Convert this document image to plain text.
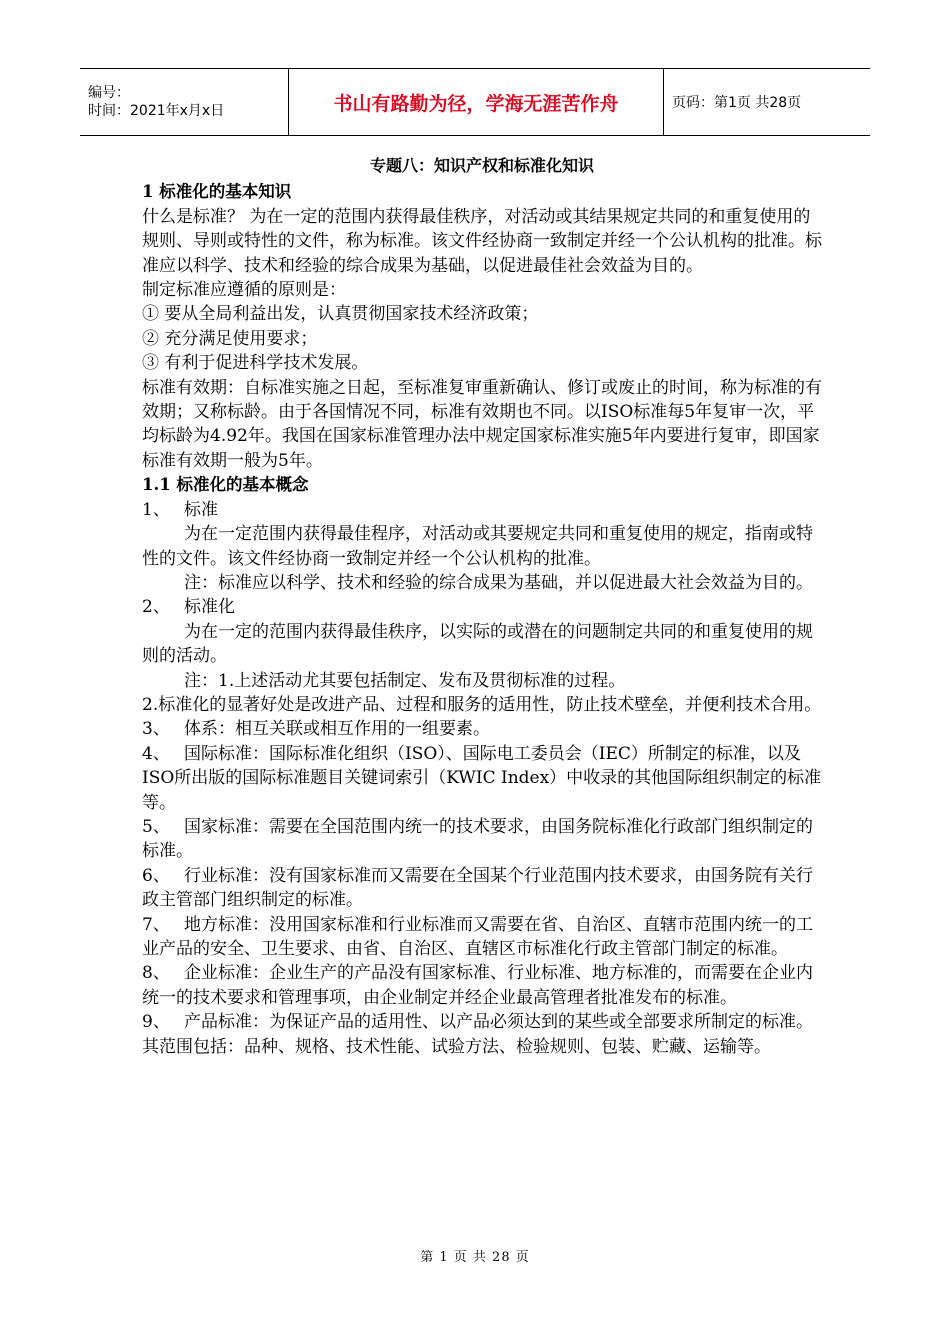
编号：
时间：2021年x月x日	书山有路勤为径，学海无涯苦作舟	页码：第1页 共28页

专题八：知识产权和标准化知识

1 标准化的基本知识

什么是标准？ 为在一定的范围内获得最佳秩序，对活动或其结果规定共同的和重复使用的规则、导则或特性的文件，称为标准。该文件经协商一致制定并经一个公认机构的批准。标准应以科学、技术和经验的综合成果为基础，以促进最佳社会效益为目的。

制定标准应遵循的原则是：

① 要从全局利益出发，认真贯彻国家技术经济政策；

② 充分满足使用要求；

③ 有利于促进科学技术发展。

标准有效期：自标准实施之日起，至标准复审重新确认、修订或废止的时间，称为标准的有效期；又称标龄。由于各国情况不同，标准有效期也不同。以ISO标准每5年复审一次，平均标龄为4.92年。我国在国家标准管理办法中规定国家标准实施5年内要进行复审，即国家标准有效期一般为5年。

1.1 标准化的基本概念

1、 标准

为在一定范围内获得最佳程序，对活动或其要规定共同和重复使用的规定，指南或特性的文件。该文件经协商一致制定并经一个公认机构的批准。

注：标准应以科学、技术和经验的综合成果为基础，并以促进最大社会效益为目的。

2、 标准化

为在一定的范围内获得最佳秩序，以实际的或潜在的问题制定共同的和重复使用的规则的活动。

注：1.上述活动尤其要包括制定、发布及贯彻标准的过程。

2.标准化的显著好处是改进产品、过程和服务的适用性，防止技术壁垒，并便利技术合用。

3、 体系：相互关联或相互作用的一组要素。

4、 国际标准：国际标准化组织（ISO）、国际电工委员会（IEC）所制定的标准，以及ISO所出版的国际标准题目关键词索引（KWIC Index）中收录的其他国际组织制定的标准等。

5、 国家标准：需要在全国范围内统一的技术要求，由国务院标准化行政部门组织制定的标准。

6、 行业标准：没有国家标准而又需要在全国某个行业范围内技术要求，由国务院有关行政主管部门组织制定的标准。

7、 地方标准：没用国家标准和行业标准而又需要在省、自治区、直辖市范围内统一的工业产品的安全、卫生要求、由省、自治区、直辖区市标准化行政主管部门制定的标准。

8、 企业标准：企业生产的产品没有国家标准、行业标准、地方标准的，而需要在企业内统一的技术要求和管理事项，由企业制定并经企业最高管理者批准发布的标准。

9、 产品标准：为保证产品的适用性、以产品必须达到的某些或全部要求所制定的标准。其范围包括：品种、规格、技术性能、试验方法、检验规则、包装、贮藏、运输等。

第 1 页 共 28 页
